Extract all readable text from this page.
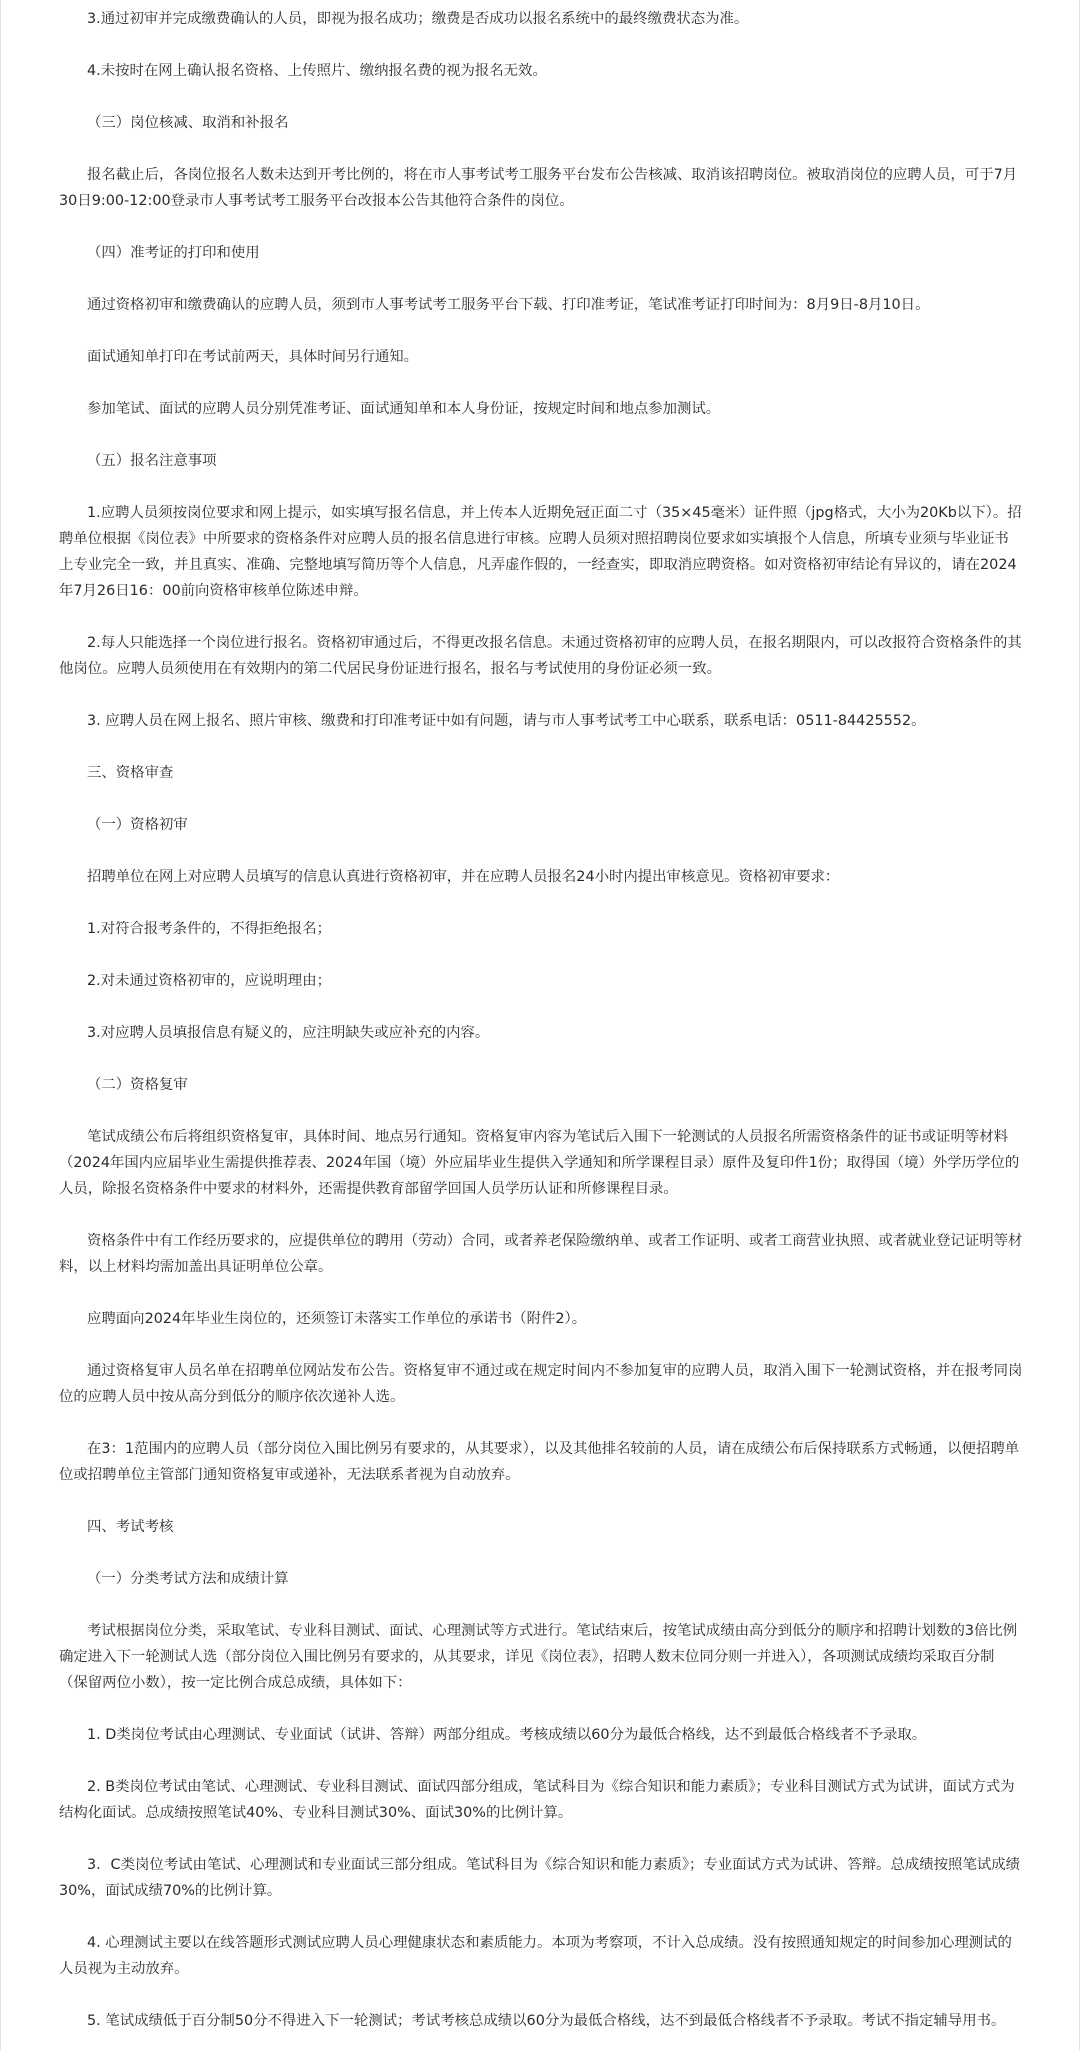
3.通过初审并完成缴费确认的人员，即视为报名成功；缴费是否成功以报名系统中的最终缴费状态为准。

4.未按时在网上确认报名资格、上传照片、缴纳报名费的视为报名无效。

（三）岗位核减、取消和补报名

报名截止后，各岗位报名人数未达到开考比例的，将在市人事考试考工服务平台发布公告核减、取消该招聘岗位。被取消岗位的应聘人员，可于7月30日9:00-12:00登录市人事考试考工服务平台改报本公告其他符合条件的岗位。

（四）准考证的打印和使用

通过资格初审和缴费确认的应聘人员，须到市人事考试考工服务平台下载、打印准考证，笔试准考证打印时间为：8月9日-8月10日。

面试通知单打印在考试前两天，具体时间另行通知。

参加笔试、面试的应聘人员分别凭准考证、面试通知单和本人身份证，按规定时间和地点参加测试。

（五）报名注意事项

1.应聘人员须按岗位要求和网上提示，如实填写报名信息，并上传本人近期免冠正面二寸（35×45毫米）证件照（jpg格式，大小为20Kb以下）。招聘单位根据《岗位表》中所要求的资格条件对应聘人员的报名信息进行审核。应聘人员须对照招聘岗位要求如实填报个人信息，所填专业须与毕业证书上专业完全一致，并且真实、准确、完整地填写简历等个人信息，凡弄虚作假的，一经查实，即取消应聘资格。如对资格初审结论有异议的，请在2024年7月26日16：00前向资格审核单位陈述申辩。

2.每人只能选择一个岗位进行报名。资格初审通过后，不得更改报名信息。未通过资格初审的应聘人员，在报名期限内，可以改报符合资格条件的其他岗位。应聘人员须使用在有效期内的第二代居民身份证进行报名，报名与考试使用的身份证必须一致。

3. 应聘人员在网上报名、照片审核、缴费和打印准考证中如有问题，请与市人事考试考工中心联系，联系电话：0511-84425552。

三、资格审查

（一）资格初审

招聘单位在网上对应聘人员填写的信息认真进行资格初审，并在应聘人员报名24小时内提出审核意见。资格初审要求：

1.对符合报考条件的，不得拒绝报名；

2.对未通过资格初审的，应说明理由；

3.对应聘人员填报信息有疑义的，应注明缺失或应补充的内容。

（二）资格复审

笔试成绩公布后将组织资格复审，具体时间、地点另行通知。资格复审内容为笔试后入围下一轮测试的人员报名所需资格条件的证书或证明等材料（2024年国内应届毕业生需提供推荐表、2024年国（境）外应届毕业生提供入学通知和所学课程目录）原件及复印件1份；取得国（境）外学历学位的人员，除报名资格条件中要求的材料外，还需提供教育部留学回国人员学历认证和所修课程目录。

资格条件中有工作经历要求的，应提供单位的聘用（劳动）合同，或者养老保险缴纳单、或者工作证明、或者工商营业执照、或者就业登记证明等材料，以上材料均需加盖出具证明单位公章。

应聘面向2024年毕业生岗位的，还须签订未落实工作单位的承诺书（附件2）。

通过资格复审人员名单在招聘单位网站发布公告。资格复审不通过或在规定时间内不参加复审的应聘人员，取消入围下一轮测试资格，并在报考同岗位的应聘人员中按从高分到低分的顺序依次递补人选。

在3：1范围内的应聘人员（部分岗位入围比例另有要求的，从其要求），以及其他排名较前的人员，请在成绩公布后保持联系方式畅通，以便招聘单位或招聘单位主管部门通知资格复审或递补，无法联系者视为自动放弃。

四、考试考核

（一）分类考试方法和成绩计算

考试根据岗位分类，采取笔试、专业科目测试、面试、心理测试等方式进行。笔试结束后，按笔试成绩由高分到低分的顺序和招聘计划数的3倍比例确定进入下一轮测试人选（部分岗位入围比例另有要求的，从其要求，详见《岗位表》，招聘人数末位同分则一并进入），各项测试成绩均采取百分制（保留两位小数），按一定比例合成总成绩，具体如下：

1. D类岗位考试由心理测试、专业面试（试讲、答辩）两部分组成。考核成绩以60分为最低合格线，达不到最低合格线者不予录取。

2. B类岗位考试由笔试、心理测试、专业科目测试、面试四部分组成，笔试科目为《综合知识和能力素质》；专业科目测试方式为试讲，面试方式为结构化面试。总成绩按照笔试40%、专业科目测试30%、面试30%的比例计算。

3．C类岗位考试由笔试、心理测试和专业面试三部分组成。笔试科目为《综合知识和能力素质》；专业面试方式为试讲、答辩。总成绩按照笔试成绩30%，面试成绩70%的比例计算。

4. 心理测试主要以在线答题形式测试应聘人员心理健康状态和素质能力。本项为考察项，不计入总成绩。没有按照通知规定的时间参加心理测试的人员视为主动放弃。

5. 笔试成绩低于百分制50分不得进入下一轮测试；考试考核总成绩以60分为最低合格线，达不到最低合格线者不予录取。考试不指定辅导用书。
